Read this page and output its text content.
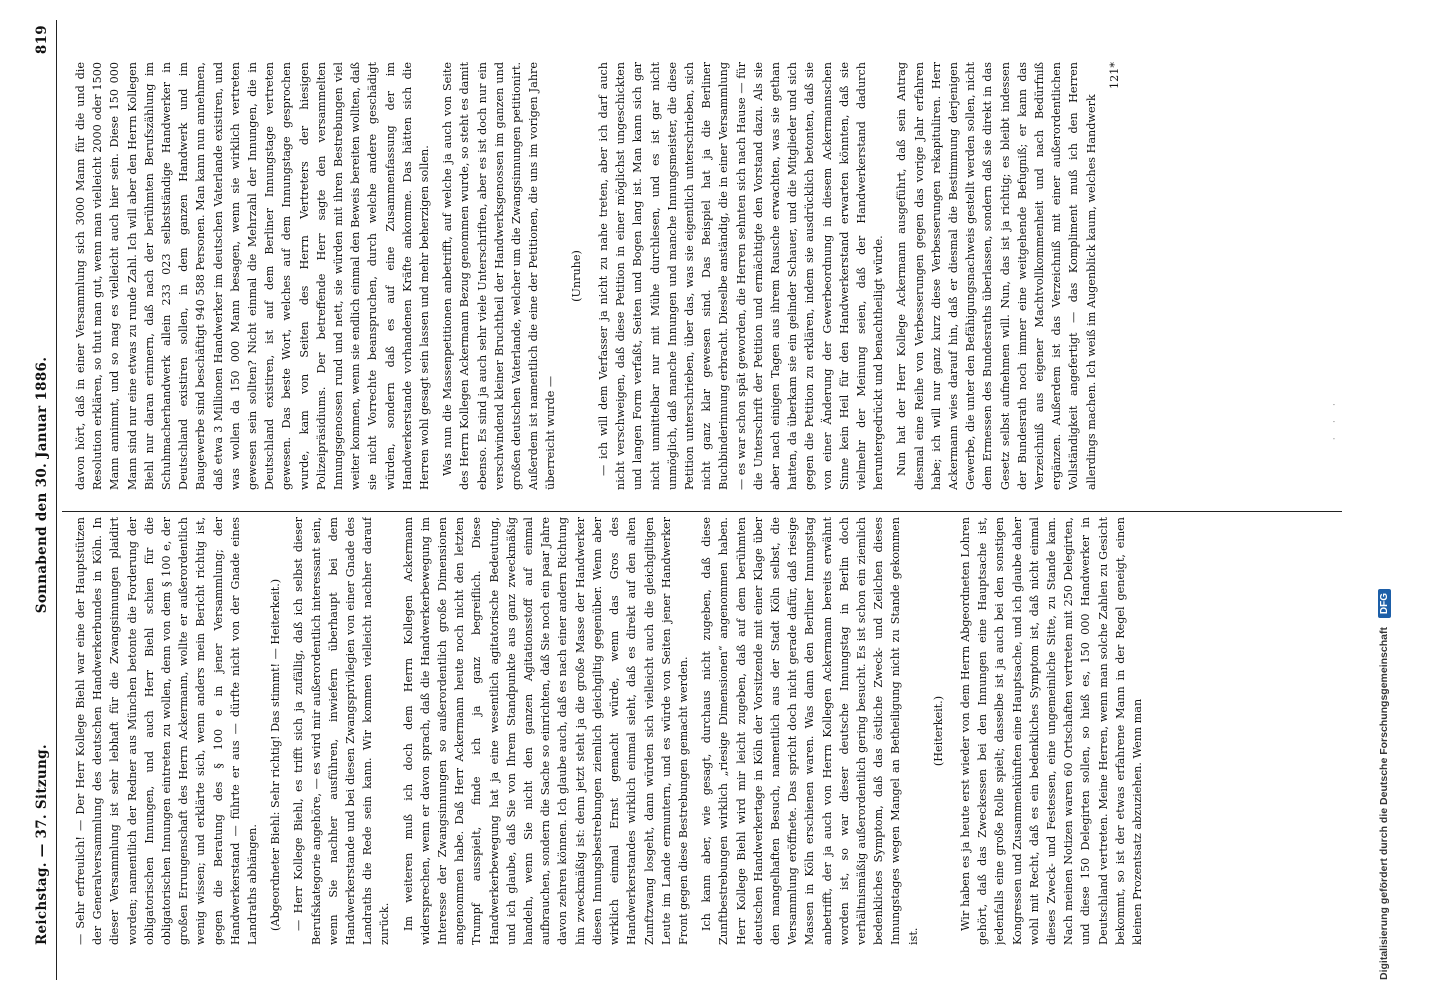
Reichstag. — 37. Sitzung.
Sonnabend den 30. Januar 1886.
819

— Sehr erfreulich! — Der Herr Kollege Biehl war eine der Hauptstützen der Generalversammlung des deutschen Handwerkerbundes in Köln. In dieser Versammlung ist sehr lebhaft für die Zwangsinnungen plaidirt worden; namentlich der Redner aus München betonte die Forderung der obligatorischen Innungen, und auch Herr Biehl schien für die obligatorischen Innungen eintreten zu wollen, denn von dem § 100 e, der großen Errungenschaft des Herrn Ackermann, wollte er außerordentlich wenig wissen; und erklärte sich, wenn anders mein Bericht richtig ist, gegen die Beratung des § 100 e in jener Versammlung; der Handwerkerstand — führte er aus — dürfte nicht von der Gnade eines Landraths abhängen. (Abgeordneter Biehl: Sehr richtig! Das stimmt! — Heiterkeit.) — Herr Kollege Biehl, es trifft sich ja zufällig, daß ich selbst dieser Berufskategorie angehöre, — es wird mir außerordentlich interessant sein, wenn Sie nachher ausführen, inwiefern überhaupt bei dem Handwerkerstande und bei diesen Zwangsprivilegien von einer Gnade des Landraths die Rede sein kann. Wir kommen vielleicht nachher darauf zurück. Im weiteren muß ich doch dem Herrn Kollegen Ackermann widersprechen, wenn er davon sprach, daß die Handwerkerbewegung im Interesse der Zwangsinnungen so außerordentlich große Dimensionen angenommen habe. Daß Herr Ackermann heute noch nicht den letzten Trumpf ausspielt, finde ich ja ganz begreiflich. Diese Handwerkerbewegung hat ja eine wesentlich agitatorische Bedeutung, und ich glaube, daß Sie von Ihrem Standpunkte aus ganz zweckmäßig handeln, wenn Sie nicht den ganzen Agitationsstoff auf einmal aufbrauchen, sondern die Sache so einrichten, daß Sie noch ein paar Jahre davon zehren können. Ich glaube auch, daß es nach einer andern Richtung hin zweckmäßig ist: denn jetzt steht ja die große Masse der Handwerker diesen Innungsbestrebungen ziemlich gleichgiltig gegenüber. Wenn aber wirklich einmal Ernst gemacht würde, wenn das Gros des Handwerkerstandes wirklich einmal sieht, daß es direkt auf den alten Zunftzwang losgeht, dann würden sich vielleicht auch die gleichgiltigen Leute im Lande ermuntern, und es würde von Seiten jener Handwerker Front gegen diese Bestrebungen gemacht werden. Ich kann aber, wie gesagt, durchaus nicht zugeben, daß diese Zunftbestrebungen wirklich „riesige Dimensionen“ angenommen haben. Herr Kollege Biehl wird mir leicht zugeben, daß auf dem berühmten deutschen Handwerkertage in Köln der Vorsitzende mit einer Klage über den mangelhaften Besuch, namentlich aus der Stadt Köln selbst, die Versammlung eröffnete. Das spricht doch nicht gerade dafür, daß riesige Massen in Köln erschienen waren. Was dann den Berliner Innungstag anbetrifft, der ja auch von Herrn Kollegen Ackermann bereits erwähnt worden ist, so war dieser deutsche Innungstag in Berlin doch verhältnismäßig außerordentlich gering besucht. Es ist schon ein ziemlich bedenkliches Symptom, daß das östliche Zweck- und Zeilchen dieses Innungstages wegen Mangel an Betheiligung nicht zu Stande gekommen ist.

(Heiterkeit.) Wir haben es ja heute erst wieder von dem Herrn Abgeordneten Lohren gehört, daß das Zweckessen bei den Innungen eine Hauptsache ist, jedenfalls eine große Rolle spielt; dasselbe ist ja auch bei den sonstigen Kongressen und Zusammenkünften eine Hauptsache, und ich glaube daher wohl mit Recht, daß es ein bedenkliches Symptom ist, daß nicht einmal dieses Zweck- und Festessen, eine ungemeinliche Sitte, zu Stande kam. Nach meinen Notizen waren 60 Ortschaften vertreten mit 250 Delegirten, und diese 150 Delegirten sollen, so hieß es, 150 000 Handwerker in Deutschland vertreten. Meine Herren, wenn man solche Zahlen zu Gesicht bekommt, so ist der etwas erfahrene Mann in der Regel geneigt, einen kleinen Prozentsatz abzuziehen. Wenn man

davon hört, daß in einer Versammlung sich 3000 Mann für die und die Resolution erklären, so thut man gut, wenn man vielleicht 2000 oder 1500 Mann annimmt, und so mag es vielleicht auch hier sein. Diese 150 000 Mann sind nur eine etwas zu runde Zahl. Ich will aber den Herrn Kollegen Biehl nur daran erinnern, daß nach der berühmten Berufszählung im Schuhmacherhandwerk allein 233 023 selbstständige Handwerker in Deutschland existiren sollen, in dem ganzen Handwerk und im Baugewerbe sind beschäftigt 940 588 Personen. Man kann nun annehmen, daß etwa 3 Millionen Handwerker im deutschen Vaterlande existiren, und was wollen da 150 000 Mann besagen, wenn sie wirklich vertreten gewesen sein sollten? Nicht einmal die Mehrzahl der Innungen, die in Deutschland existiren, ist auf dem Berliner Innungstage vertreten gewesen. Das beste Wort, welches auf dem Innungstage gesprochen wurde, kam von Seiten des Herrn Vertreters der hiesigen Polizeipräsidiums. Der betreffende Herr sagte den versammelten Innungsgenossen rund und nett, sie würden mit ihren Bestrebungen viel weiter kommen, wenn sie endlich einmal den Beweis bereiten wollten, daß sie nicht Vorrechte beanspruchen, durch welche andere geschädigt würden, sondern daß es auf eine Zusammenfassung der im Handwerkerstande vorhandenen Kräfte ankomme. Das hätten sich die Herren wohl gesagt sein lassen und mehr beherzigen sollen. Was nun die Massenpetitionen anbetrifft, auf welche ja auch von Seite des Herrn Kollegen Ackermann Bezug genommen wurde, so steht es damit ebenso. Es sind ja auch sehr viele Unterschriften, aber es ist doch nur ein verschwindend kleiner Bruchtheil der Handwerksgenossen im ganzen und großen deutschen Vaterlande, welcher um die Zwangsinnungen petitionirt. Außerdem ist namentlich die eine der Petitionen, die uns im vorigen Jahre überreicht wurde —

(Unruhe) — ich will dem Verfasser ja nicht zu nahe treten, aber ich darf auch nicht verschweigen, daß diese Petition in einer möglichst ungeschickten und langen Form verfaßt, Seiten und Bogen lang ist. Man kann sich gar nicht unmittelbar nur mit Mühe durchlesen, und es ist gar nicht unmöglich, daß manche Innungen und manche Innungsmeister, die diese Petition unterschrieben, über das, was sie eigentlich unterschrieben, sich nicht ganz klar gewesen sind. Das Beispiel hat ja die Berliner Buchbinderinnung erbracht. Dieselbe anständig, die in einer Versammlung — es war schon spät geworden, die Herren sehnten sich nach Hause — für die Unterschrift der Petition und ermächtigte den Vorstand dazu. Als sie aber nach einigen Tagen aus ihrem Rausche erwachten, was sie gethan hatten, da überkam sie ein gelinder Schauer, und die Mitglieder und sich gegen die Petition zu erklären, indem sie ausdrücklich betonten, daß sie von einer Änderung der Gewerbeordnung in diesem Ackermannschen Sinne kein Heil für den Handwerkerstand erwarten könnten, daß sie vielmehr der Meinung seien, daß der Handwerkerstand dadurch heruntergedrückt und benachtheiligt würde. Nun hat der Herr Kollege Ackermann ausgeführt, daß sein Antrag diesmal eine Reihe von Verbesserungen gegen das vorige Jahr erfahren habe; ich will nur ganz kurz diese Verbesserungen rekapituliren. Herr Ackermann wies darauf hin, daß er diesmal die Bestimmung derjenigen Gewerbe, die unter den Befähigungsnachweis gestellt werden sollen, nicht dem Ermessen des Bundesraths überlassen, sondern daß sie direkt in das Gesetz selbst aufnehmen will. Nun, das ist ja richtig; es bleibt indessen der Bundesrath noch immer eine weitgehende Befugniß; er kann das Verzeichniß aus eigener Machtvollkommenheit und nach Bedürfniß ergänzen. Außerdem ist das Verzeichniß mit einer außerordentlichen Vollständigkeit angefertigt — das Kompliment muß ich den Herren allerdings machen. Ich weiß im Augenblick kaum, welches Handwerk

121*
· · ·
Digitalisierung gefördert durch die Deutsche Forschungsgemeinschaft DFG
